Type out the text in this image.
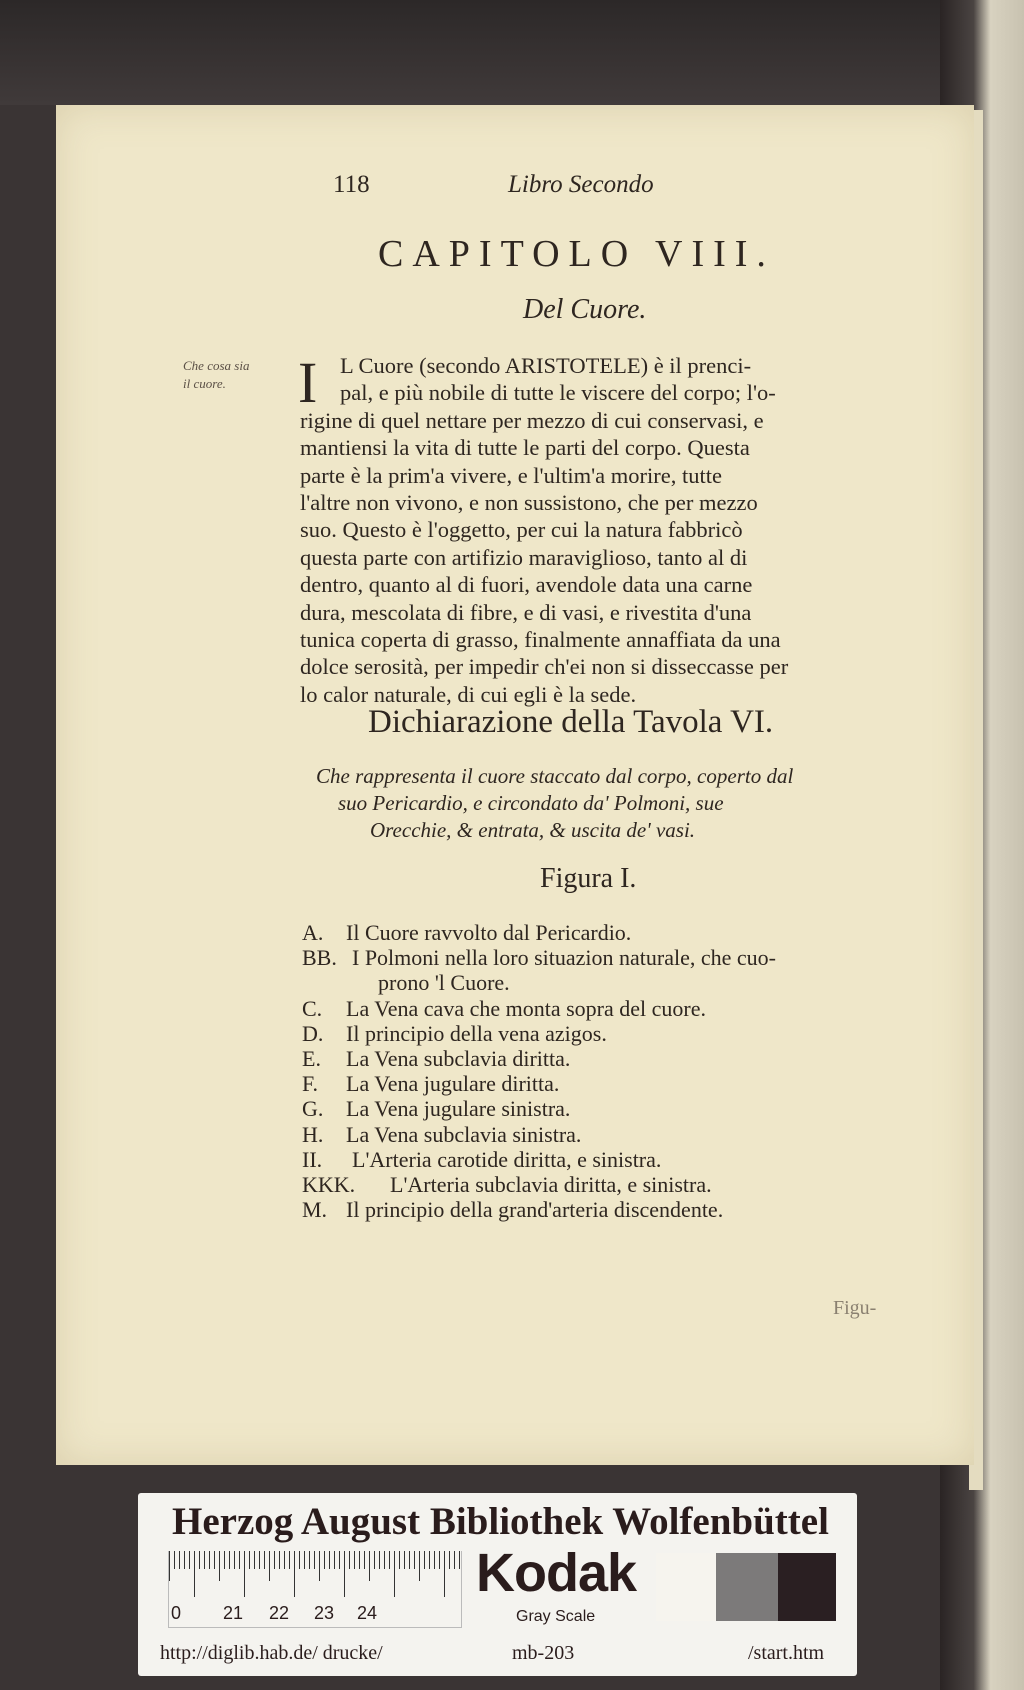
118	Libro Secondo
CAPITOLO VIII.
Del Cuore.
Che cosa sia
il cuore. I L Cuore (secondo ARISTOTELE) è il prenci-
pal, e più nobile di tutte le viscere del corpo; l'o-
rigine di quel nettare per mezzo di cui conservasi, e
mantiensi la vita di tutte le parti del corpo. Questa
parte è la prim'a vivere, e l'ultim'a morire, tutte
l'altre non vivono, e non sussistono, che per mezzo
suo. Questo è l'oggetto, per cui la natura fabbricò
questa parte con artifizio maraviglioso, tanto al di
dentro, quanto al di fuori, avendole data una carne
dura, mescolata di fibre, e di vasi, e rivestita d'una
tunica coperta di grasso, finalmente annaffiata da una
dolce serosità, per impedir ch'ei non si disseccasse per
lo calor naturale, di cui egli è la sede.
Dichiarazione della Tavola VI.
Che rappresenta il cuore staccato dal corpo, coperto dal
suo Pericardio, e circondato da' Polmoni, sue
Orecchie, & entrata, & uscita de' vasi.
Figura I.
A. Il Cuore ravvolto dal Pericardio.
BB. I Polmoni nella loro situazion naturale, che cuo-
prono 'l Cuore.
C. La Vena cava che monta sopra del cuore.
D. Il principio della vena azigos.
E. La Vena subclavia diritta.
F. La Vena jugulare diritta.
G. La Vena jugulare sinistra.
H. La Vena subclavia sinistra.
II. L'Arteria carotide diritta, e sinistra.
KKK. L'Arteria subclavia diritta, e sinistra.
M. Il principio della grand'arteria discendente.
Figu-
Herzog August Bibliothek Wolfenbüttel
0 21 22 23 24
Kodak
Gray Scale
http://diglib.hab.de/ drucke/	mb-203	/start.htm
